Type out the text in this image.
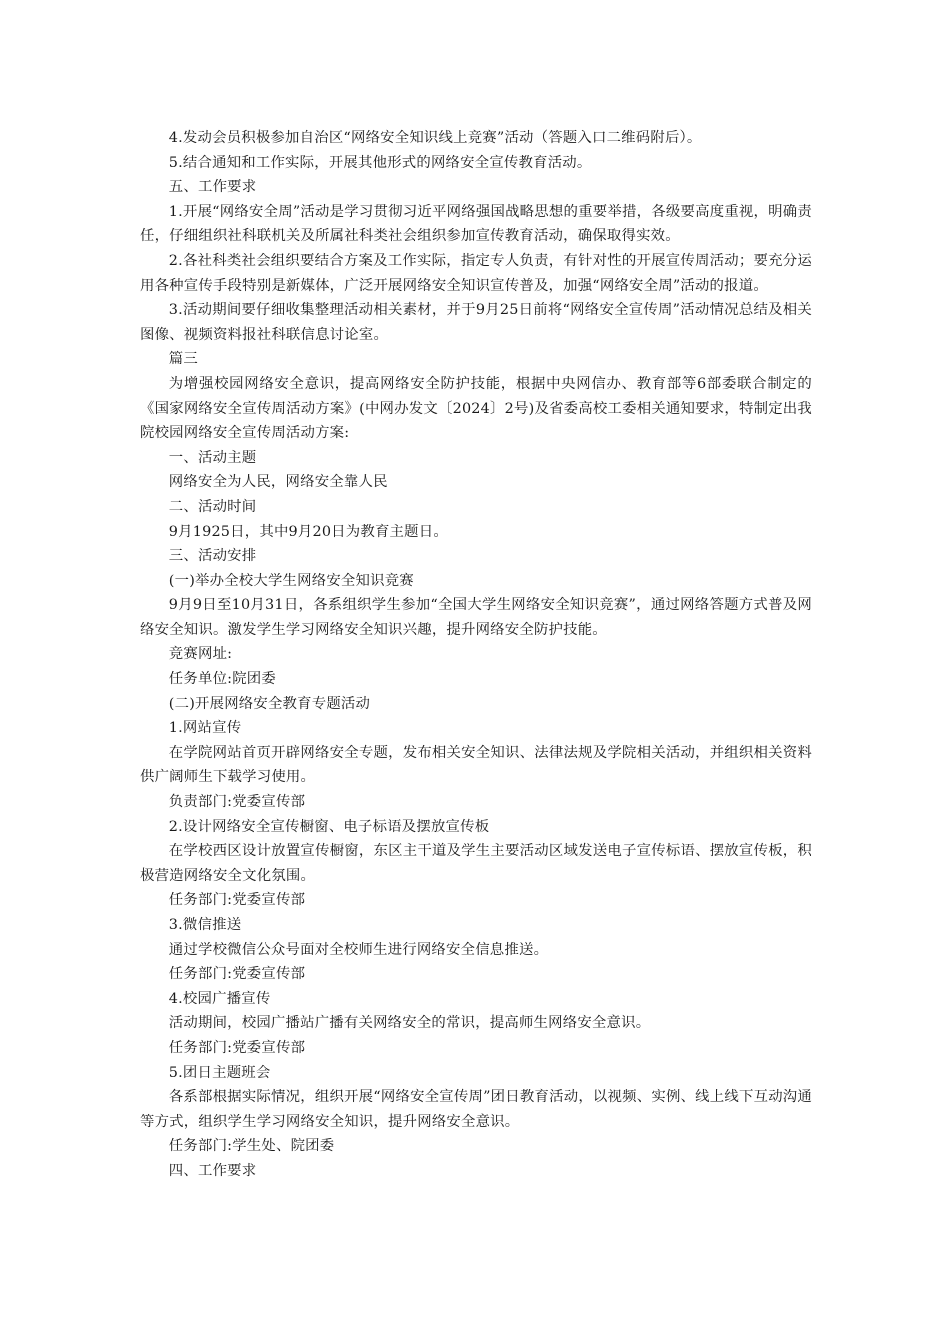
4.发动会员积极参加自治区“网络安全知识线上竞赛”活动（答题入口二维码附后）。

5.结合通知和工作实际，开展其他形式的网络安全宣传教育活动。

五、工作要求

1.开展“网络安全周”活动是学习贯彻习近平网络强国战略思想的重要举措，各级要高度重视，明确责任，仔细组织社科联机关及所属社科类社会组织参加宣传教育活动，确保取得实效。

2.各社科类社会组织要结合方案及工作实际，指定专人负责，有针对性的开展宣传周活动；要充分运用各种宣传手段特别是新媒体，广泛开展网络安全知识宣传普及，加强“网络安全周”活动的报道。

3.活动期间要仔细收集整理活动相关素材，并于9月25日前将“网络安全宣传周”活动情况总结及相关图像、视频资料报社科联信息讨论室。

篇三

为增强校园网络安全意识，提高网络安全防护技能，根据中央网信办、教育部等6部委联合制定的《国家网络安全宣传周活动方案》(中网办发文〔2024〕2号)及省委高校工委相关通知要求，特制定出我院校园网络安全宣传周活动方案:

一、活动主题

网络安全为人民，网络安全靠人民

二、活动时间

9月1925日，其中9月20日为教育主题日。

三、活动安排

(一)举办全校大学生网络安全知识竞赛

9月9日至10月31日，各系组织学生参加“全国大学生网络安全知识竞赛”，通过网络答题方式普及网络安全知识。激发学生学习网络安全知识兴趣，提升网络安全防护技能。

竞赛网址:

任务单位:院团委

(二)开展网络安全教育专题活动

1.网站宣传

在学院网站首页开辟网络安全专题，发布相关安全知识、法律法规及学院相关活动，并组织相关资料供广阔师生下载学习使用。

负责部门:党委宣传部

2.设计网络安全宣传橱窗、电子标语及摆放宣传板

在学校西区设计放置宣传橱窗，东区主干道及学生主要活动区域发送电子宣传标语、摆放宣传板，积极营造网络安全文化氛围。

任务部门:党委宣传部

3.微信推送

通过学校微信公众号面对全校师生进行网络安全信息推送。

任务部门:党委宣传部

4.校园广播宣传

活动期间，校园广播站广播有关网络安全的常识，提高师生网络安全意识。

任务部门:党委宣传部

5.团日主题班会

各系部根据实际情况，组织开展“网络安全宣传周”团日教育活动，以视频、实例、线上线下互动沟通等方式，组织学生学习网络安全知识，提升网络安全意识。

任务部门:学生处、院团委

四、工作要求
